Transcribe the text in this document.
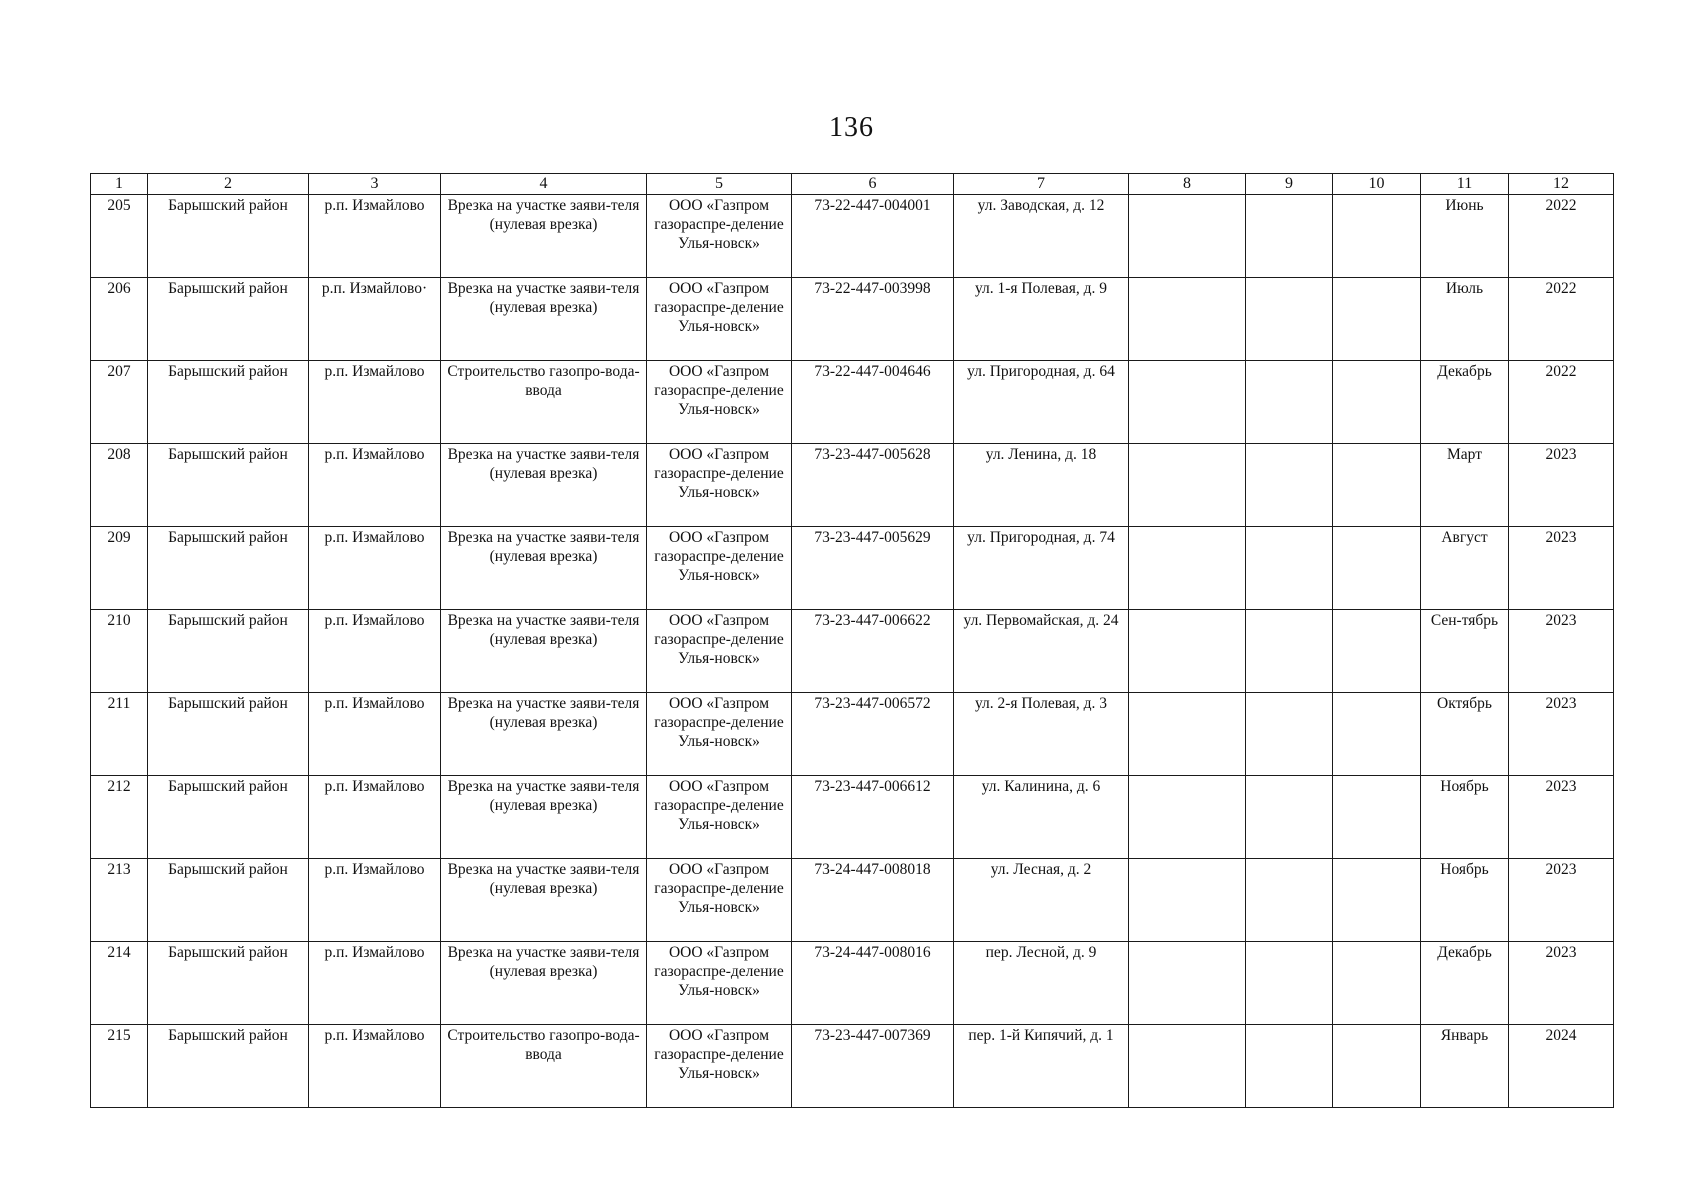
136
1	2	3	4	5	6	7	8	9	10	11	12
205	Барышский район	р.п. Измайлово	Врезка на участке заяви-теля (нулевая врезка)	ООО «Газпром газораспре-деление Улья-новск»	73-22-447-004001	ул. Заводская, д. 12				Июнь	2022
206	Барышский район	р.п. Измайлово·	Врезка на участке заяви-теля (нулевая врезка)	ООО «Газпром газораспре-деление Улья-новск»	73-22-447-003998	ул. 1-я Полевая, д. 9				Июль	2022
207	Барышский район	р.п. Измайлово	Строительство газопро-вода-ввода	ООО «Газпром газораспре-деление Улья-новск»	73-22-447-004646	ул. Пригородная, д. 64				Декабрь	2022
208	Барышский район	р.п. Измайлово	Врезка на участке заяви-теля (нулевая врезка)	ООО «Газпром газораспре-деление Улья-новск»	73-23-447-005628	ул. Ленина, д. 18				Март	2023
209	Барышский район	р.п. Измайлово	Врезка на участке заяви-теля (нулевая врезка)	ООО «Газпром газораспре-деление Улья-новск»	73-23-447-005629	ул. Пригородная, д. 74				Август	2023
210	Барышский район	р.п. Измайлово	Врезка на участке заяви-теля (нулевая врезка)	ООО «Газпром газораспре-деление Улья-новск»	73-23-447-006622	ул. Первомайская, д. 24				Сен-тябрь	2023
211	Барышский район	р.п. Измайлово	Врезка на участке заяви-теля (нулевая врезка)	ООО «Газпром газораспре-деление Улья-новск»	73-23-447-006572	ул. 2-я Полевая, д. 3				Октябрь	2023
212	Барышский район	р.п. Измайлово	Врезка на участке заяви-теля (нулевая врезка)	ООО «Газпром газораспре-деление Улья-новск»	73-23-447-006612	ул. Калинина, д. 6				Ноябрь	2023
213	Барышский район	р.п. Измайлово	Врезка на участке заяви-теля (нулевая врезка)	ООО «Газпром газораспре-деление Улья-новск»	73-24-447-008018	ул. Лесная, д. 2				Ноябрь	2023
214	Барышский район	р.п. Измайлово	Врезка на участке заяви-теля (нулевая врезка)	ООО «Газпром газораспре-деление Улья-новск»	73-24-447-008016	пер. Лесной, д. 9				Декабрь	2023
215	Барышский район	р.п. Измайлово	Строительство газопро-вода-ввода	ООО «Газпром газораспре-деление Улья-новск»	73-23-447-007369	пер. 1-й Кипячий, д. 1				Январь	2024
